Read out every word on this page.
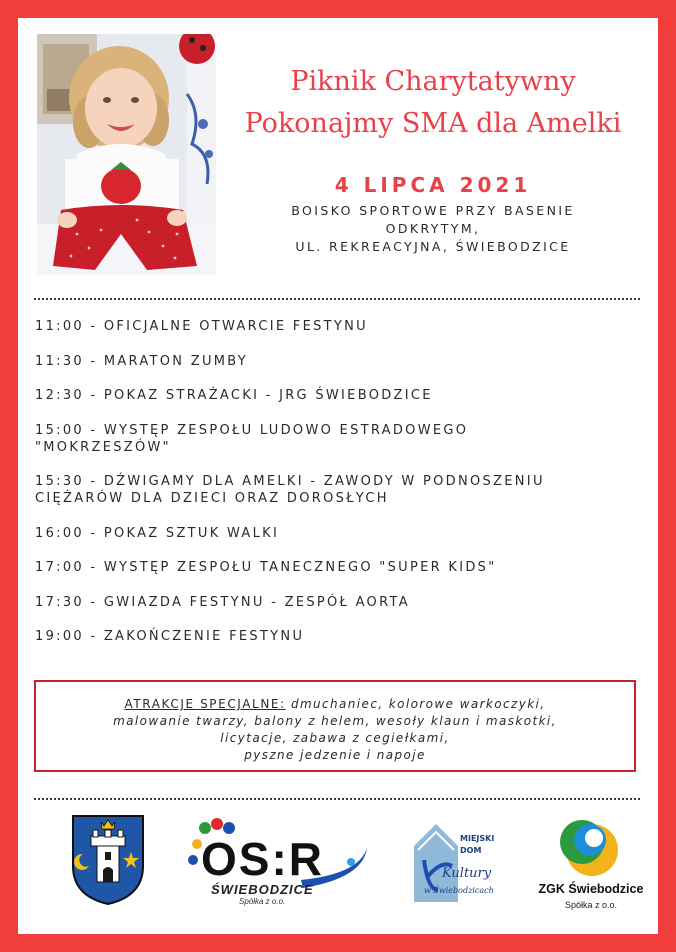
Piknik Charytatywny
Pokonajmy SMA dla Amelki
4 LIPCA 2021
BOISKO SPORTOWE PRZY BASENIE
ODKRYTYM,
UL. REKREACYJNA, ŚWIEBODZICE
11:00 - OFICJALNE OTWARCIE FESTYNU
11:30 - MARATON ZUMBY
12:30 - POKAZ STRAŻACKI - JRG ŚWIEBODZICE
15:00 - WYSTĘP ZESPOŁU LUDOWO ESTRADOWEGO
"MOKRZESZÓW"
15:30 - DŹWIGAMY DLA AMELKI - ZAWODY W PODNOSZENIU
CIĘŻARÓW DLA DZIECI ORAZ DOROSŁYCH
16:00 - POKAZ SZTUK WALKI
17:00 - WYSTĘP ZESPOŁU TANECZNEGO "SUPER KIDS"
17:30 - GWIAZDA FESTYNU - ZESPÓŁ AORTA
19:00 - ZAKOŃCZENIE FESTYNU
ATRAKCJE SPECJALNE: dmuchaniec, kolorowe warkoczyki,
malowanie twarzy, balony z helem, wesoły klaun i maskotki,
licytacje, zabawa z cegiełkami,
pyszne jedzenie i napoje
OS:R
ŚWIEBODZICE
Spółka z o.o.
MIEJSKI
DOM
Kultury
w Świebodzicach	ZGK Świebodzice
Spółka z o.o.
